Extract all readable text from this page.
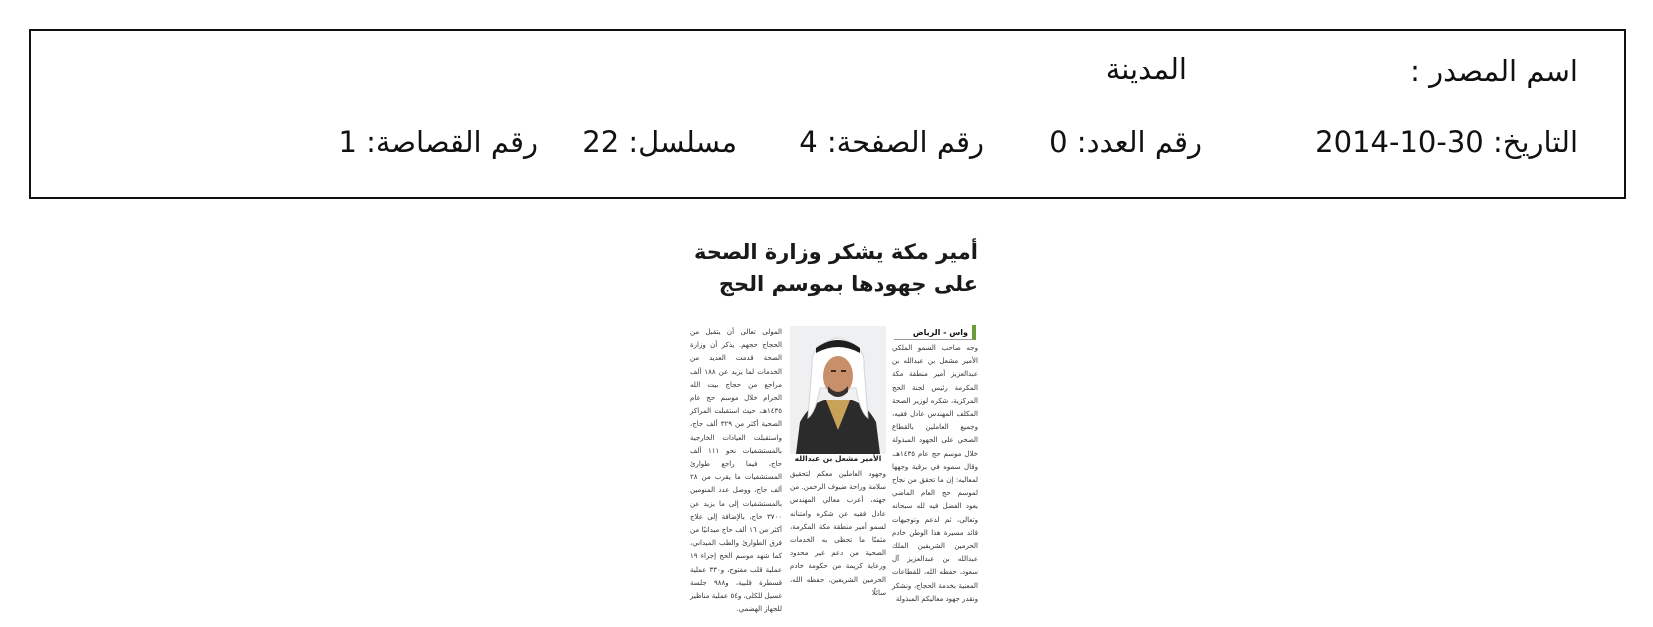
اسم المصدر :
المدينة
التاريخ: 30-10-2014
رقم العدد: 0
رقم الصفحة: 4
مسلسل: 22
رقم القصاصة: 1
أمير مكة يشكر وزارة الصحة
على جهودها بموسم الحج
واس - الرياض
وجه صاحب السمو الملكي الأمير مشعل بن عبدالله بن عبدالعزيز أمير منطقة مكة المكرمة رئيس لجنة الحج المركزية، شكره لوزير الصحة المكلف المهندس عادل فقيه، وجميع العاملين بالقطاع الصحي على الجهود المبذولة خلال موسم حج عام ١٤٣٥هـ، وقال سموه في برقية وجهها لمعاليه: إن ما تحقق من نجاح لموسم حج العام الماضي يعود الفضل فيه لله سبحانه وتعالى، ثم لدعم وتوجيهات قائد مسيرة هذا الوطن خادم الحرمين الشريفين الملك عبدالله بن عبدالعزيز آل سعود، حفظه الله، للقطاعات المعنية بخدمة الحجاج، ونشكر ونقدر جهود معاليكم المبذولة
الأمير مشعل بن عبدالله
وجهود العاملين معكم لتحقيق سلامة وراحة ضيوف الرحمن. من جهته، أعرب معالي المهندس عادل فقيه عن شكره وامتنانه لسمو أمير منطقة مكة المكرمة، مثمنًا ما تحظى به الخدمات الصحية من دعم غير محدود ورعاية كريمة من حكومة خادم الحرمين الشريفين، حفظه الله، سائلًا
المولى تعالى أن يتقبل من الحجاج حجهم. يذكر أن وزارة الصحة قدمت العديد من الخدمات لما يزيد عن ١٨٨ ألف مراجع من حجاج بيت الله الحرام خلال موسم حج عام ١٤٣٥هـ، حيث استقبلت المراكز الصحية أكثر من ٣٢٩ ألف حاج، واستقبلت العيادات الخارجية بالمستشفيات نحو ١١١ ألف حاج، فيما راجع طوارئ المستشفيات ما يقرب من ٢٨ ألف حاج، ووصل عدد المنومين بالمستشفيات إلى ما يزيد عن ٣٧٠٠ حاج، بالإضافة إلى علاج أكثر من ١٦ ألف حاج ميدانيًا من فرق الطوارئ والطب الميداني، كما شهد موسم الحج إجراء ١٩ عملية قلب مفتوح، و٣٣٠ عملية قسطرة قلبية، و٩٨٨ جلسة غسيل للكلى، و٥٤ عملية مناظير للجهاز الهضمي.
